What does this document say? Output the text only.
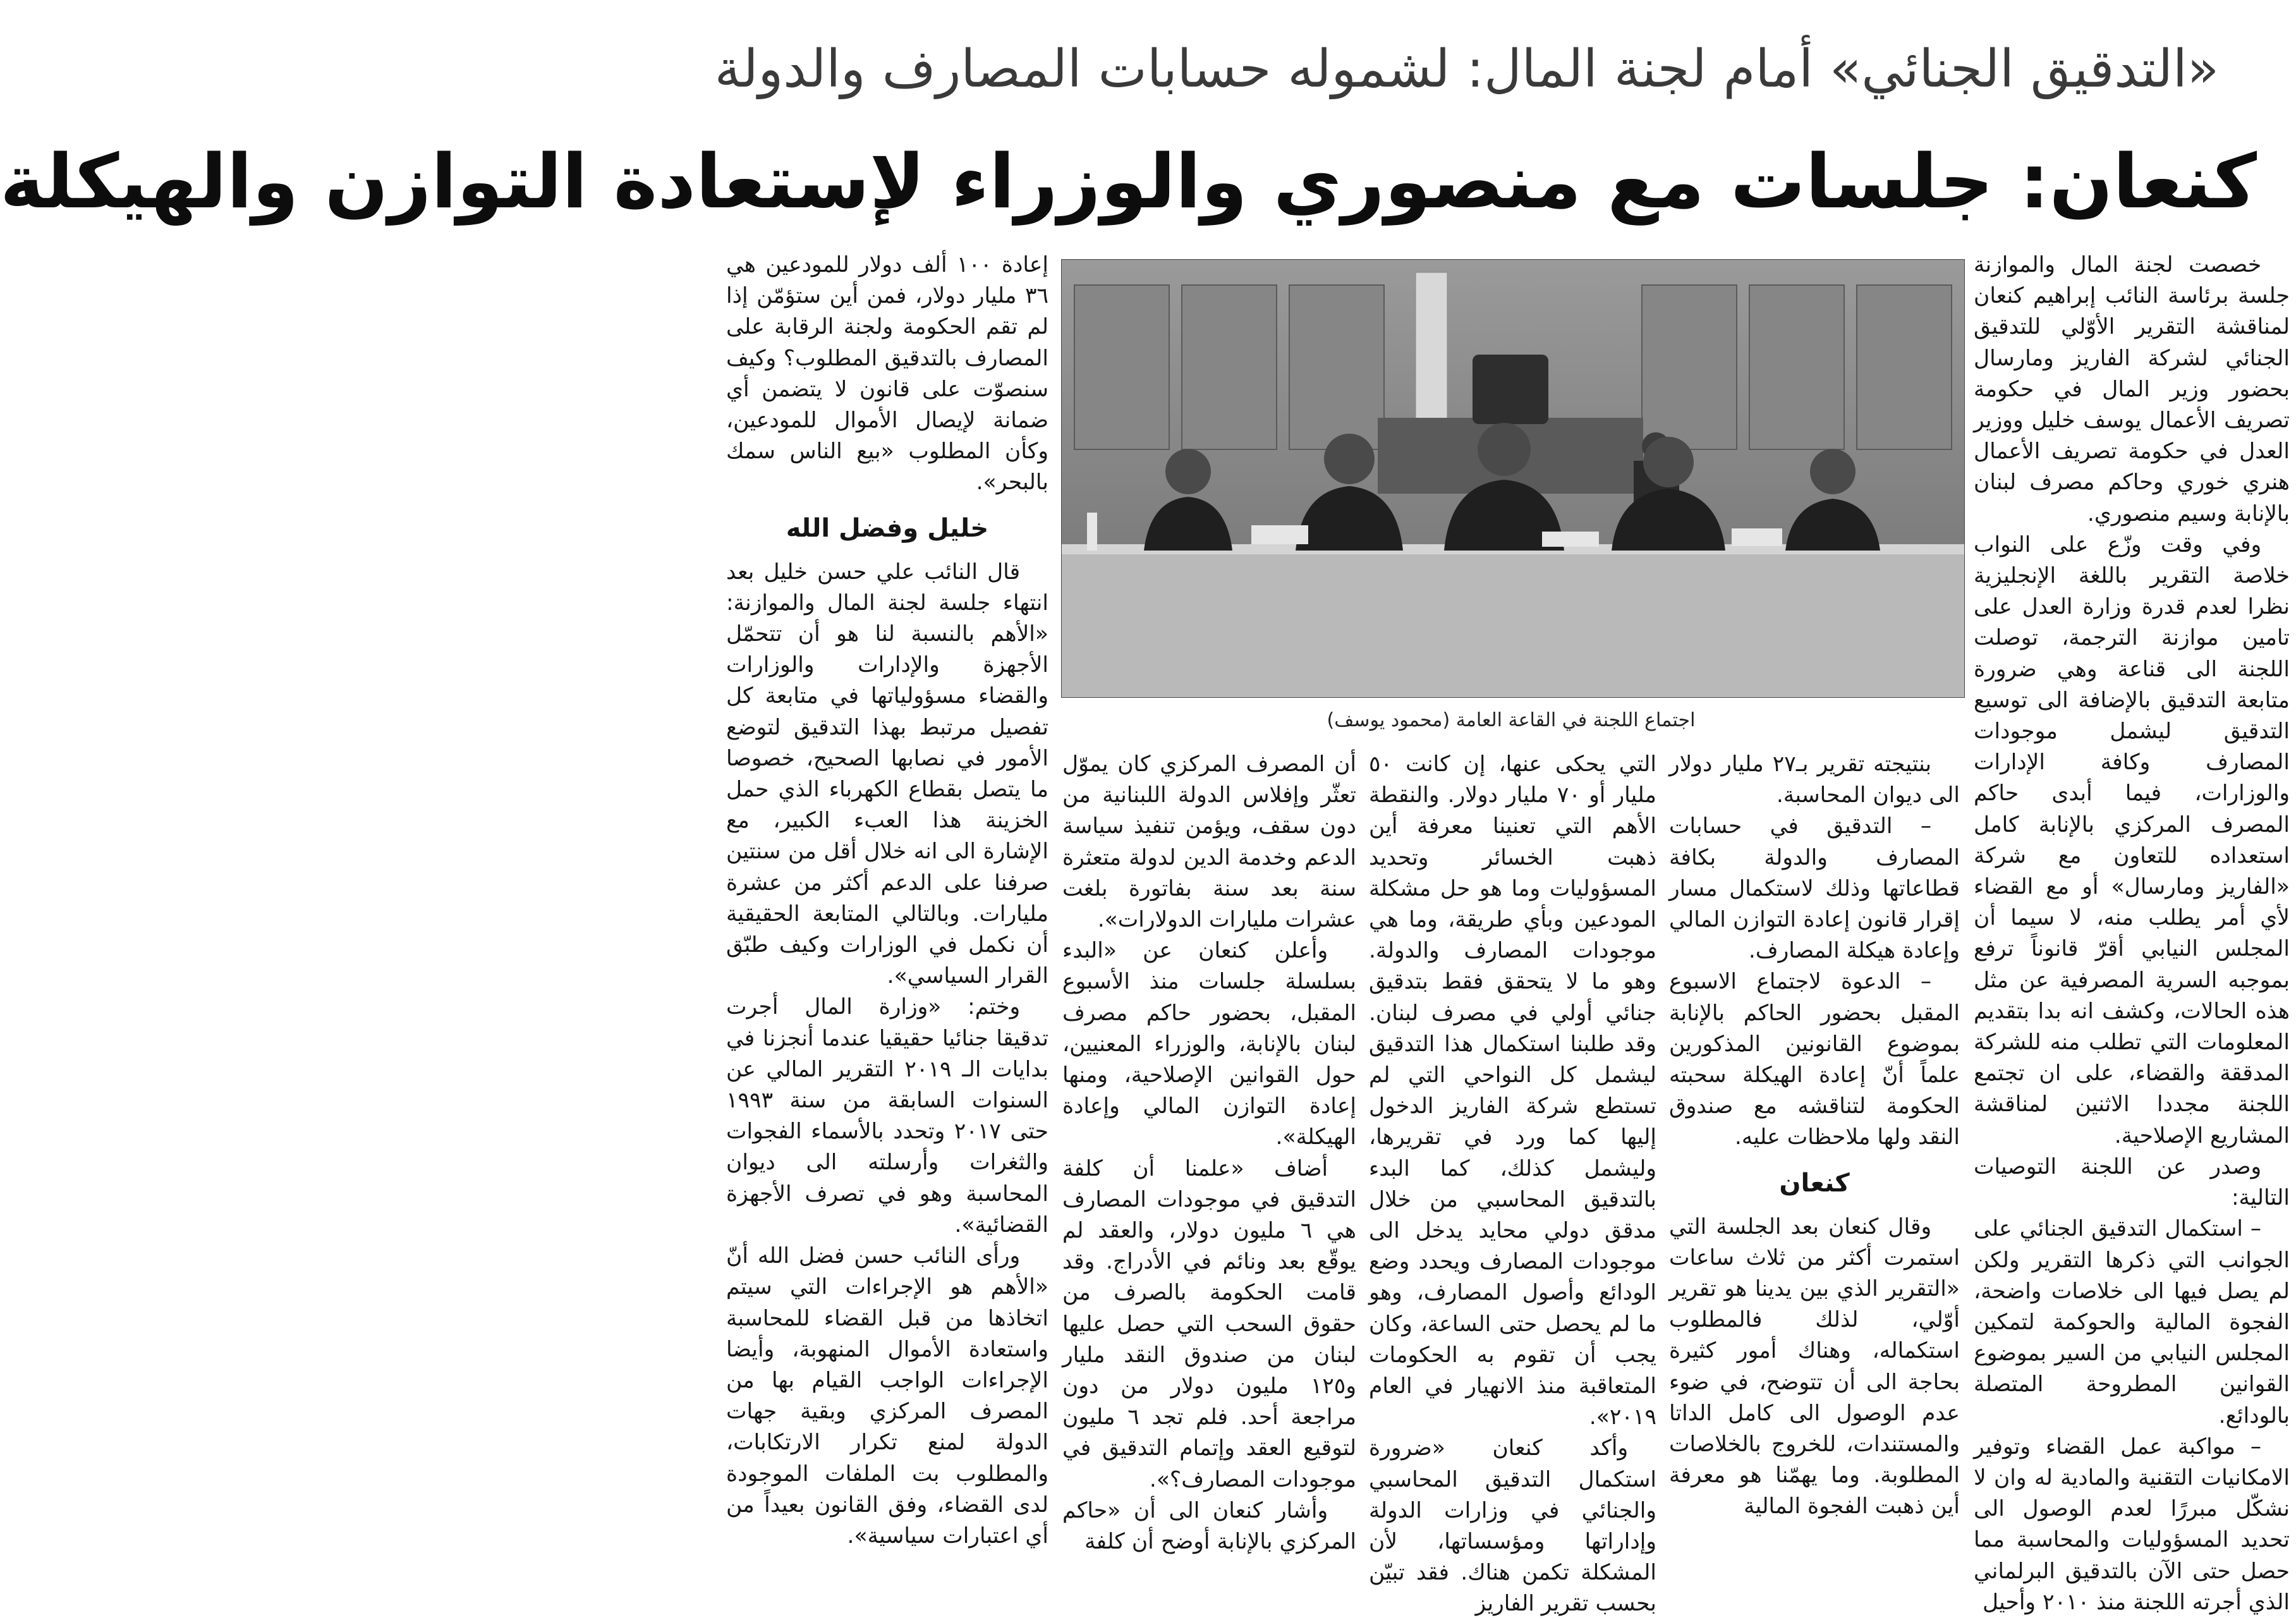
«التدقيق الجنائي» أمام لجنة المال: لشموله حسابات المصارف والدولة
كنعان: جلسات مع منصوري والوزراء لإستعادة التوازن والهيكلة

خصصت لجنة المال والموازنة جلسة برئاسة النائب إبراهيم كنعان لمناقشة التقرير الأوّلي للتدقيق الجنائي لشركة الفاريز ومارسال بحضور وزير المال في حكومة تصريف الأعمال يوسف خليل ووزير العدل في حكومة تصريف الأعمال هنري خوري وحاكم مصرف لبنان بالإنابة وسيم منصوري.

وفي وقت وزّع على النواب خلاصة التقرير باللغة الإنجليزية نظرا لعدم قدرة وزارة العدل على تامين موازنة الترجمة، توصلت اللجنة الى قناعة وهي ضرورة متابعة التدقيق بالإضافة الى توسيع التدقيق ليشمل موجودات المصارف وكافة الإدارات والوزارات، فيما أبدى حاكم المصرف المركزي بالإنابة كامل استعداده للتعاون مع شركة «الفاريز ومارسال» أو مع القضاء لأي أمر يطلب منه، لا سيما أن المجلس النيابي أقرّ قانوناً ترفع بموجبه السرية المصرفية عن مثل هذه الحالات، وكشف انه بدا بتقديم المعلومات التي تطلب منه للشركة المدققة والقضاء، على ان تجتمع اللجنة مجددا الاثنين لمناقشة المشاريع الإصلاحية.

وصدر عن اللجنة التوصيات التالية:

– استكمال التدقيق الجنائي على الجوانب التي ذكرها التقرير ولكن لم يصل فيها الى خلاصات واضحة، الفجوة المالية والحوكمة لتمكين المجلس النيابي من السير بموضوع القوانين المطروحة المتصلة بالودائع.

– مواكبة عمل القضاء وتوفير الامكانيات التقنية والمادية له وان لا نشكّل مبررًا لعدم الوصول الى تحديد المسؤوليات والمحاسبة مما حصل حتى الآن بالتدقيق البرلماني الذي أجرته اللجنة منذ ٢٠١٠ وأحيل

اجتماع اللجنة في القاعة العامة (محمود يوسف)

بنتيجته تقرير بـ٢٧ مليار دولار الى ديوان المحاسبة.

– التدقيق في حسابات المصارف والدولة بكافة قطاعاتها وذلك لاستكمال مسار إقرار قانون إعادة التوازن المالي وإعادة هيكلة المصارف.

– الدعوة لاجتماع الاسبوع المقبل بحضور الحاكم بالإنابة بموضوع القانونين المذكورين علماً أنّ إعادة الهيكلة سحبته الحكومة لتناقشه مع صندوق النقد ولها ملاحظات عليه.

كنعان

وقال كنعان بعد الجلسة التي استمرت أكثر من ثلاث ساعات «التقرير الذي بين يدينا هو تقرير أوّلي، لذلك فالمطلوب استكماله، وهناك أمور كثيرة بحاجة الى أن تتوضح، في ضوء عدم الوصول الى كامل الداتا والمستندات، للخروج بالخلاصات المطلوبة. وما يهمّنا هو معرفة أين ذهبت الفجوة المالية

التي يحكى عنها، إن كانت ٥٠ مليار أو ٧٠ مليار دولار. والنقطة الأهم التي تعنينا معرفة أين ذهبت الخسائر وتحديد المسؤوليات وما هو حل مشكلة المودعين وبأي طريقة، وما هي موجودات المصارف والدولة. وهو ما لا يتحقق فقط بتدقيق جنائي أولي في مصرف لبنان. وقد طلبنا استكمال هذا التدقيق ليشمل كل النواحي التي لم تستطع شركة الفاريز الدخول إليها كما ورد في تقريرها، وليشمل كذلك، كما البدء بالتدقيق المحاسبي من خلال مدقق دولي محايد يدخل الى موجودات المصارف ويحدد وضع الودائع وأصول المصارف، وهو ما لم يحصل حتى الساعة، وكان يجب أن تقوم به الحكومات المتعاقبة منذ الانهيار في العام ٢٠١٩».

وأكد كنعان «ضرورة استكمال التدقيق المحاسبي والجنائي في وزارات الدولة وإداراتها ومؤسساتها، لأن المشكلة تكمن هناك. فقد تبيّن بحسب تقرير الفاريز

أن المصرف المركزي كان يموّل تعثّر وإفلاس الدولة اللبنانية من دون سقف، ويؤمن تنفيذ سياسة الدعم وخدمة الدين لدولة متعثرة سنة بعد سنة بفاتورة بلغت عشرات مليارات الدولارات».

وأعلن كنعان عن «البدء بسلسلة جلسات منذ الأسبوع المقبل، بحضور حاكم مصرف لبنان بالإنابة، والوزراء المعنيين، حول القوانين الإصلاحية، ومنها إعادة التوازن المالي وإعادة الهيكلة».

أضاف «علمنا أن كلفة التدقيق في موجودات المصارف هي ٦ مليون دولار، والعقد لم يوقّع بعد ونائم في الأدراج. وقد قامت الحكومة بالصرف من حقوق السحب التي حصل عليها لبنان من صندوق النقد مليار و١٢٥ مليون دولار من دون مراجعة أحد. فلم تجد ٦ مليون لتوقيع العقد وإتمام التدقيق في موجودات المصارف؟».

وأشار كنعان الى أن «حاكم المركزي بالإنابة أوضح أن كلفة

إعادة ١٠٠ ألف دولار للمودعين هي ٣٦ مليار دولار، فمن أين ستؤمّن إذا لم تقم الحكومة ولجنة الرقابة على المصارف بالتدقيق المطلوب؟ وكيف سنصوّت على قانون لا يتضمن أي ضمانة لإيصال الأموال للمودعين، وكأن المطلوب «بيع الناس سمك بالبحر».

خليل وفضل الله

قال النائب علي حسن خليل بعد انتهاء جلسة لجنة المال والموازنة: «الأهم بالنسبة لنا هو أن تتحمّل الأجهزة والإدارات والوزارات والقضاء مسؤولياتها في متابعة كل تفصيل مرتبط بهذا التدقيق لتوضع الأمور في نصابها الصحيح، خصوصا ما يتصل بقطاع الكهرباء الذي حمل الخزينة هذا العبء الكبير، مع الإشارة الى انه خلال أقل من سنتين صرفنا على الدعم أكثر من عشرة مليارات. وبالتالي المتابعة الحقيقية أن نكمل في الوزارات وكيف طبّق القرار السياسي».

وختم: «وزارة المال أجرت تدقيقا جنائيا حقيقيا عندما أنجزنا في بدايات الـ ٢٠١٩ التقرير المالي عن السنوات السابقة من سنة ١٩٩٣ حتى ٢٠١٧ وتحدد بالأسماء الفجوات والثغرات وأرسلته الى ديوان المحاسبة وهو في تصرف الأجهزة القضائية».

ورأى النائب حسن فضل الله أنّ «الأهم هو الإجراءات التي سيتم اتخاذها من قبل القضاء للمحاسبة واستعادة الأموال المنهوبة، وأيضا الإجراءات الواجب القيام بها من المصرف المركزي وبقية جهات الدولة لمنع تكرار الارتكابات، والمطلوب بت الملفات الموجودة لدى القضاء، وفق القانون بعيداً من أي اعتبارات سياسية».
